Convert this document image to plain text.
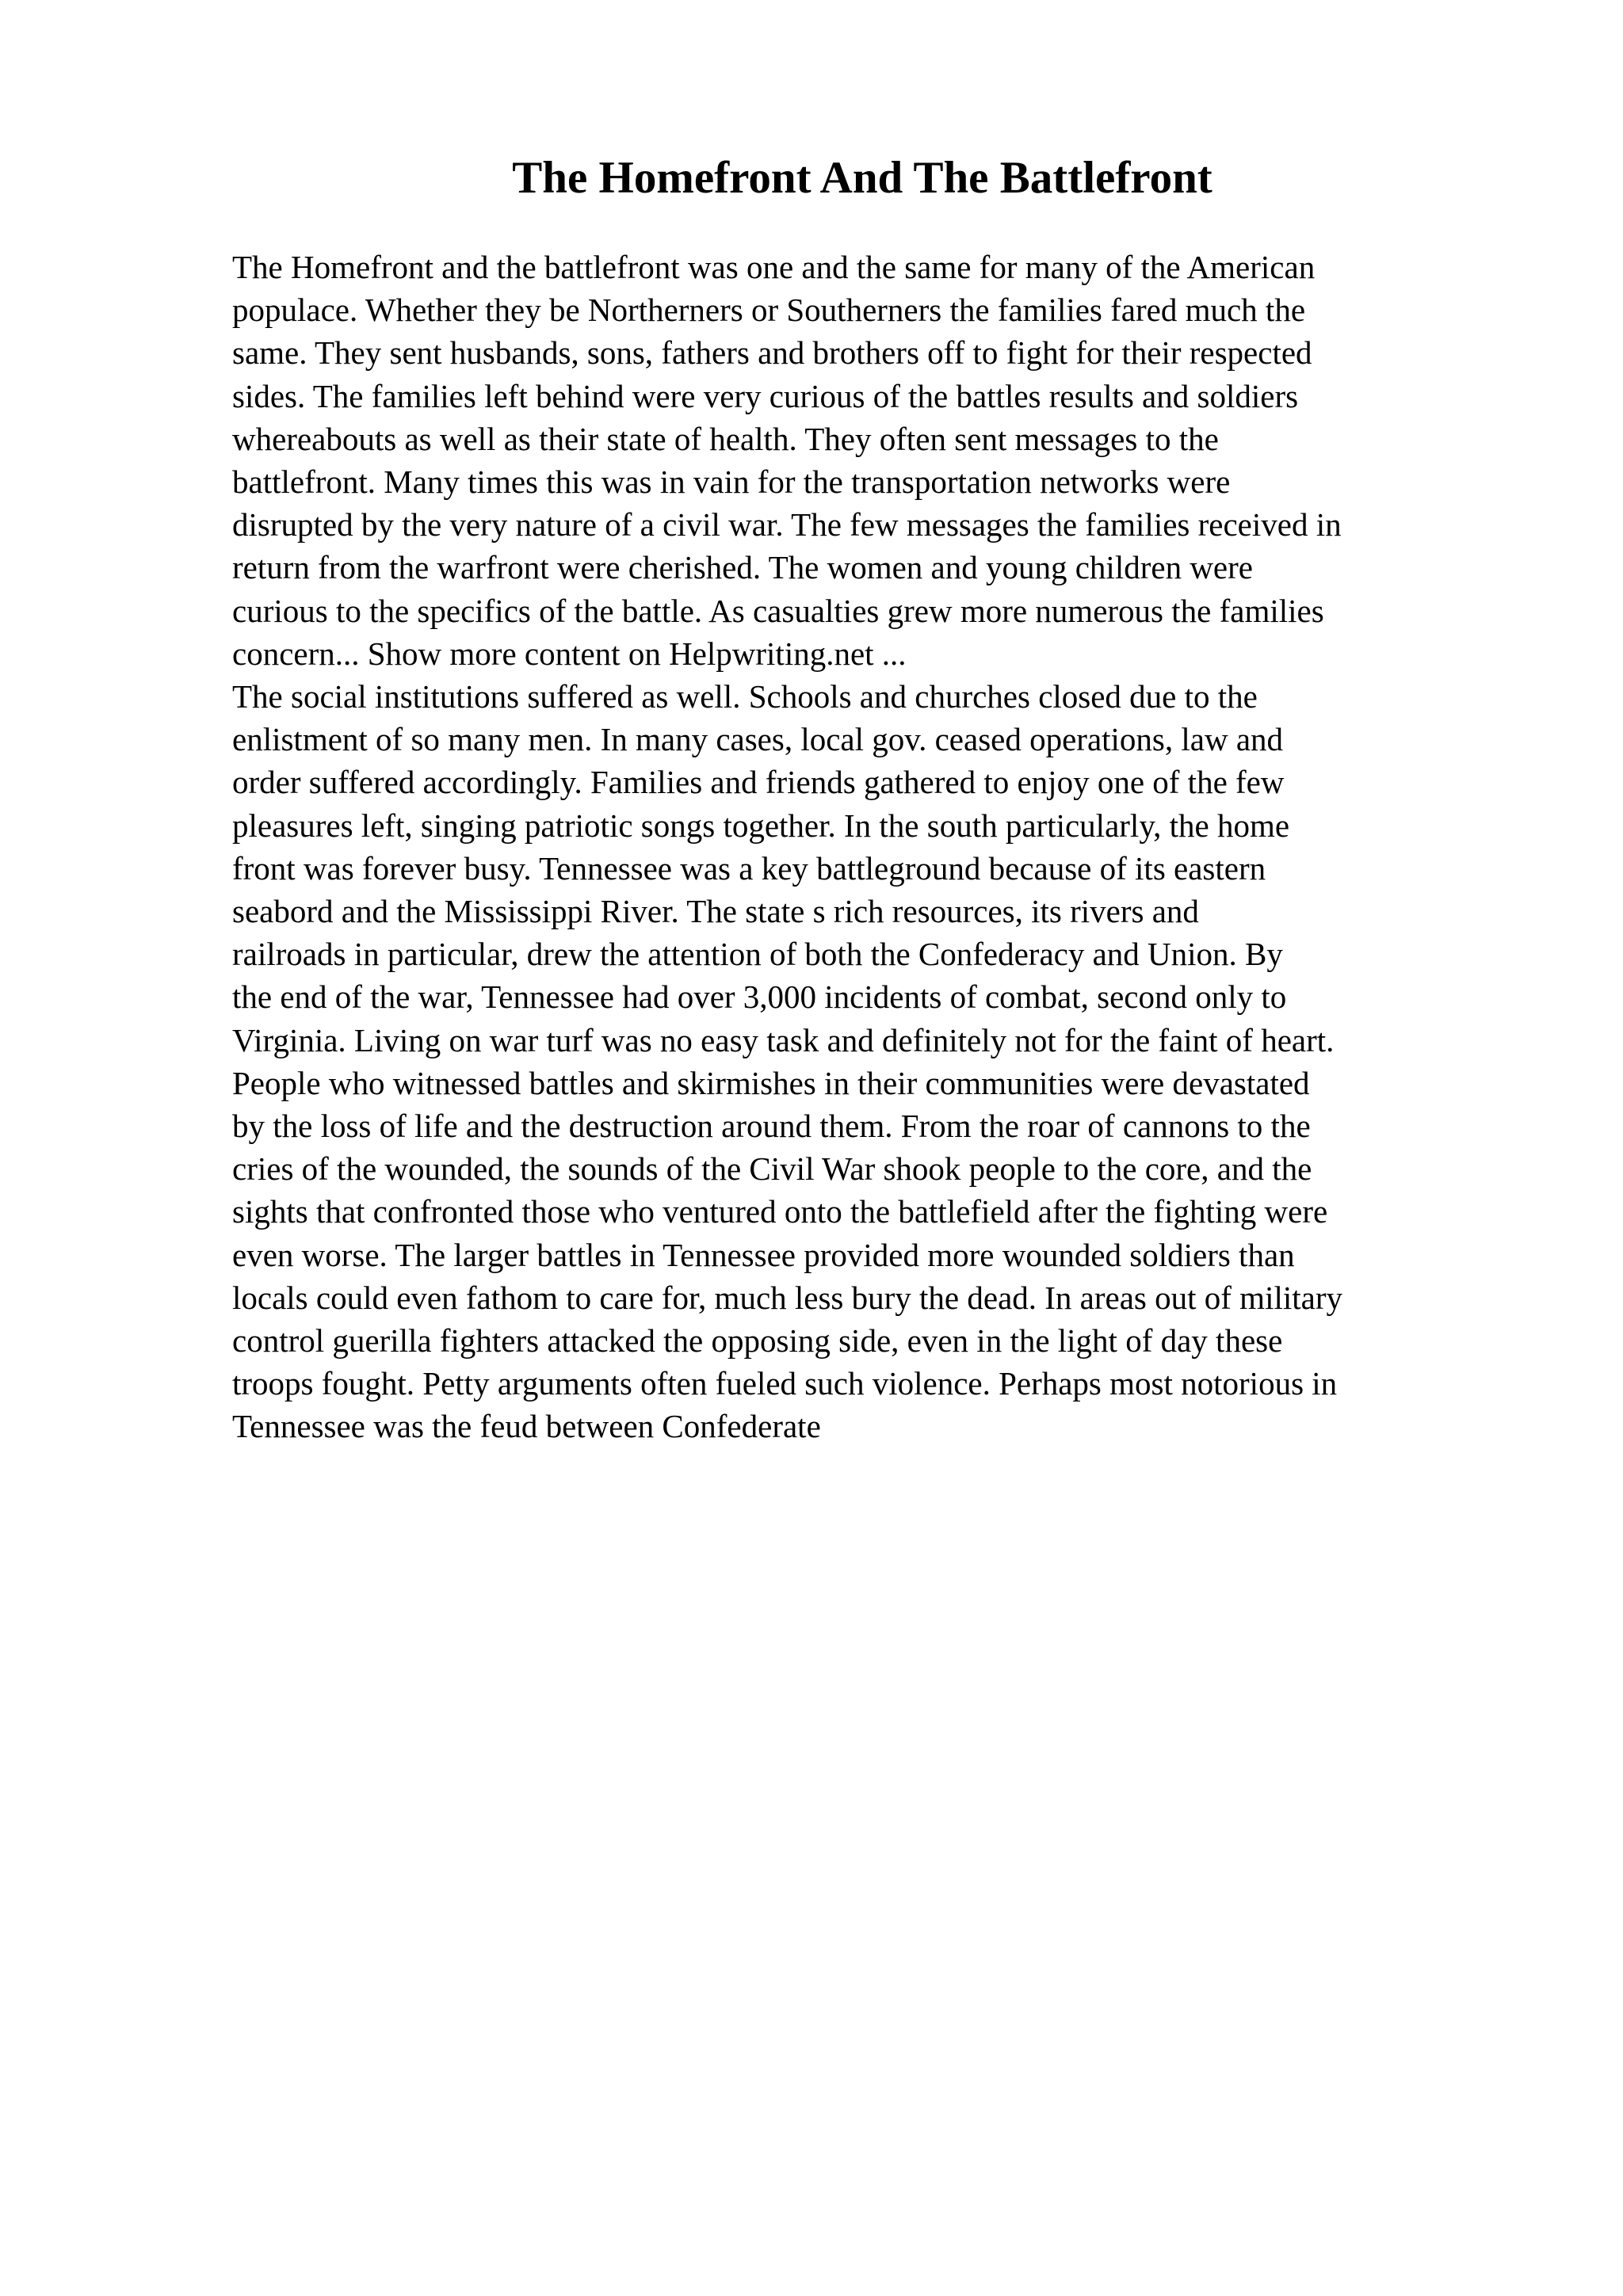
The Homefront And The Battlefront
The Homefront and the battlefront was one and the same for many of the American
populace. Whether they be Northerners or Southerners the families fared much the
same. They sent husbands, sons, fathers and brothers off to fight for their respected
sides. The families left behind were very curious of the battles results and soldiers
whereabouts as well as their state of health. They often sent messages to the
battlefront. Many times this was in vain for the transportation networks were
disrupted by the very nature of a civil war. The few messages the families received in
return from the warfront were cherished. The women and young children were
curious to the specifics of the battle. As casualties grew more numerous the families
concern... Show more content on Helpwriting.net ...
The social institutions suffered as well. Schools and churches closed due to the
enlistment of so many men. In many cases, local gov. ceased operations, law and
order suffered accordingly. Families and friends gathered to enjoy one of the few
pleasures left, singing patriotic songs together. In the south particularly, the home
front was forever busy. Tennessee was a key battleground because of its eastern
seabord and the Mississippi River. The state s rich resources, its rivers and
railroads in particular, drew the attention of both the Confederacy and Union. By
the end of the war, Tennessee had over 3,000 incidents of combat, second only to
Virginia. Living on war turf was no easy task and definitely not for the faint of heart.
People who witnessed battles and skirmishes in their communities were devastated
by the loss of life and the destruction around them. From the roar of cannons to the
cries of the wounded, the sounds of the Civil War shook people to the core, and the
sights that confronted those who ventured onto the battlefield after the fighting were
even worse. The larger battles in Tennessee provided more wounded soldiers than
locals could even fathom to care for, much less bury the dead. In areas out of military
control guerilla fighters attacked the opposing side, even in the light of day these
troops fought. Petty arguments often fueled such violence. Perhaps most notorious in
Tennessee was the feud between Confederate
